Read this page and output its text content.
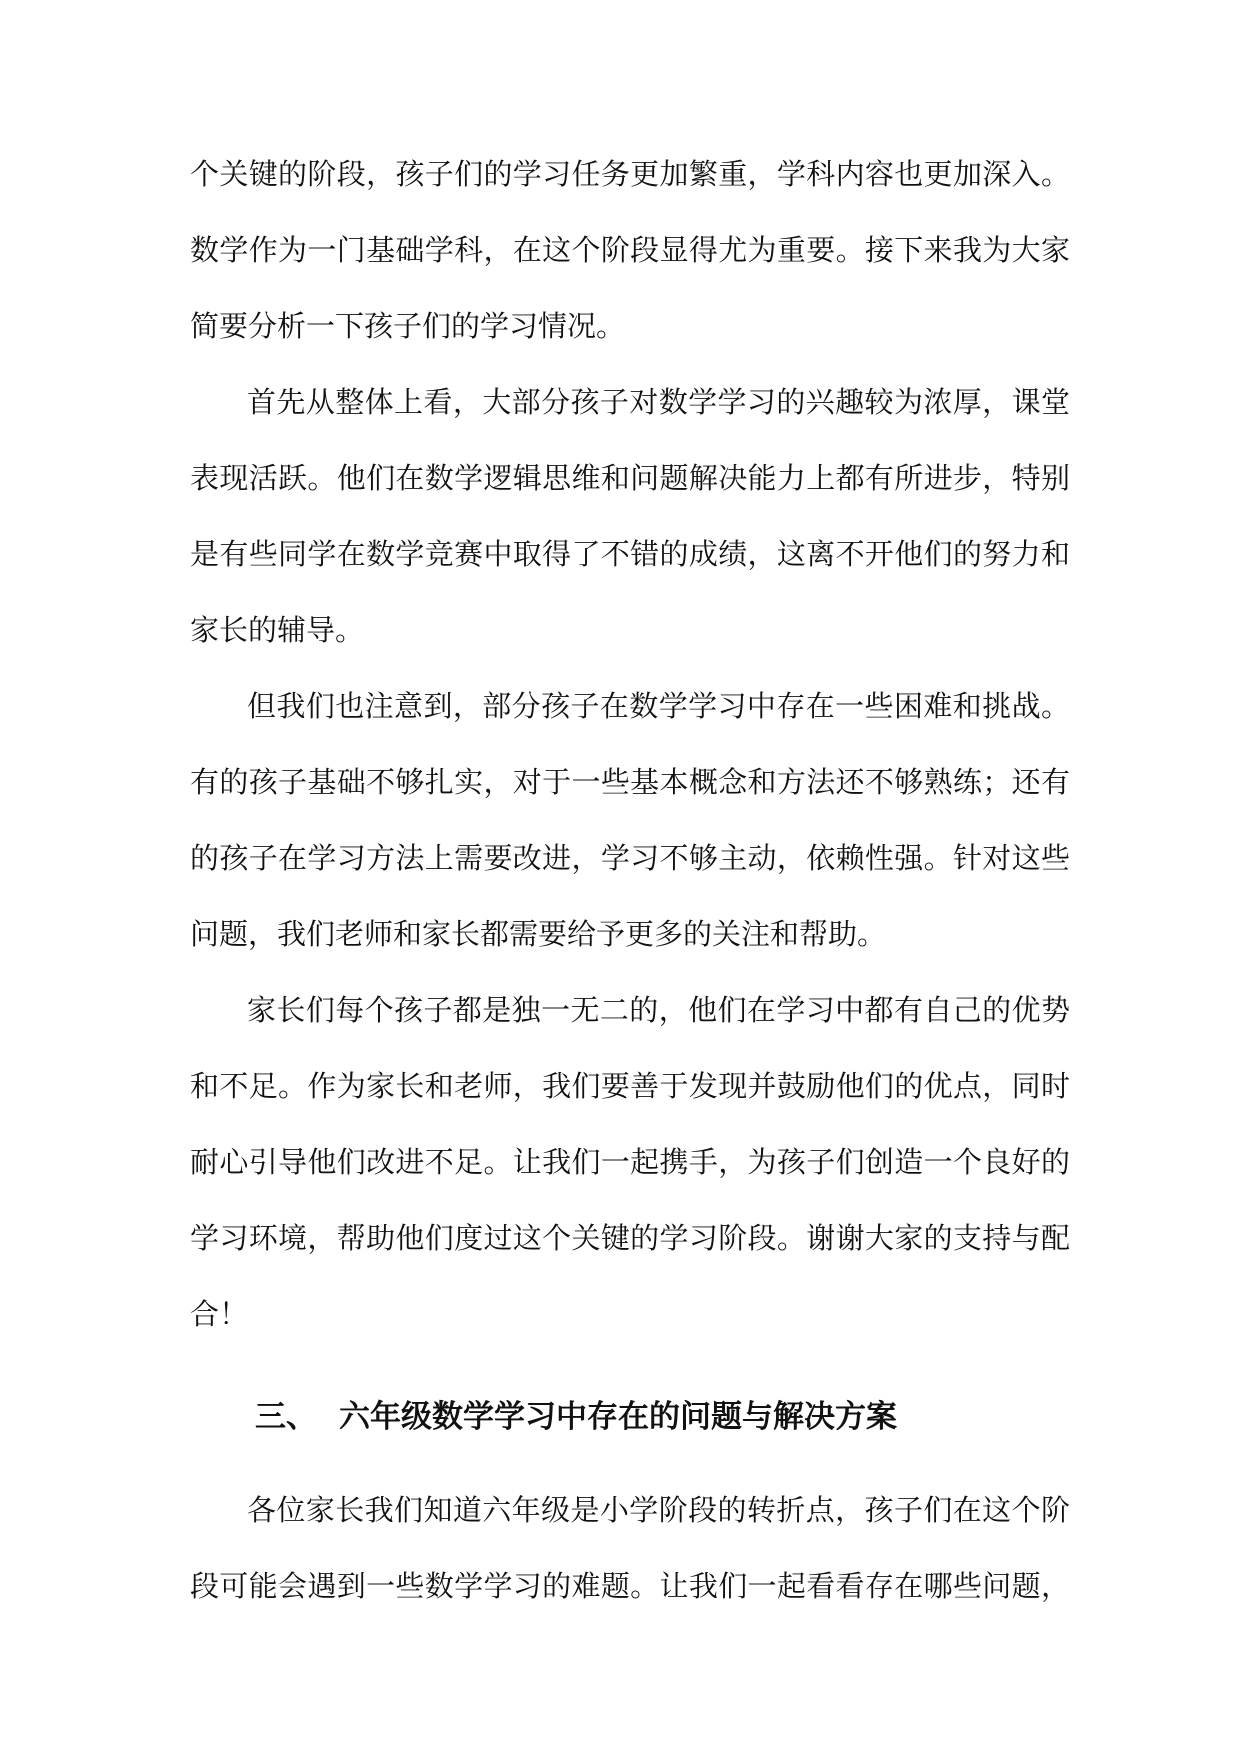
个关键的阶段，孩子们的学习任务更加繁重，学科内容也更加深入。
数学作为一门基础学科，在这个阶段显得尤为重要。接下来我为大家
简要分析一下孩子们的学习情况。
首先从整体上看，大部分孩子对数学学习的兴趣较为浓厚，课堂
表现活跃。他们在数学逻辑思维和问题解决能力上都有所进步，特别
是有些同学在数学竞赛中取得了不错的成绩，这离不开他们的努力和
家长的辅导。
但我们也注意到，部分孩子在数学学习中存在一些困难和挑战。
有的孩子基础不够扎实，对于一些基本概念和方法还不够熟练；还有
的孩子在学习方法上需要改进，学习不够主动，依赖性强。针对这些
问题，我们老师和家长都需要给予更多的关注和帮助。
家长们每个孩子都是独一无二的，他们在学习中都有自己的优势
和不足。作为家长和老师，我们要善于发现并鼓励他们的优点，同时
耐心引导他们改进不足。让我们一起携手，为孩子们创造一个良好的
学习环境，帮助他们度过这个关键的学习阶段。谢谢大家的支持与配
合！
三、 六年级数学学习中存在的问题与解决方案
各位家长我们知道六年级是小学阶段的转折点，孩子们在这个阶
段可能会遇到一些数学学习的难题。让我们一起看看存在哪些问题，
